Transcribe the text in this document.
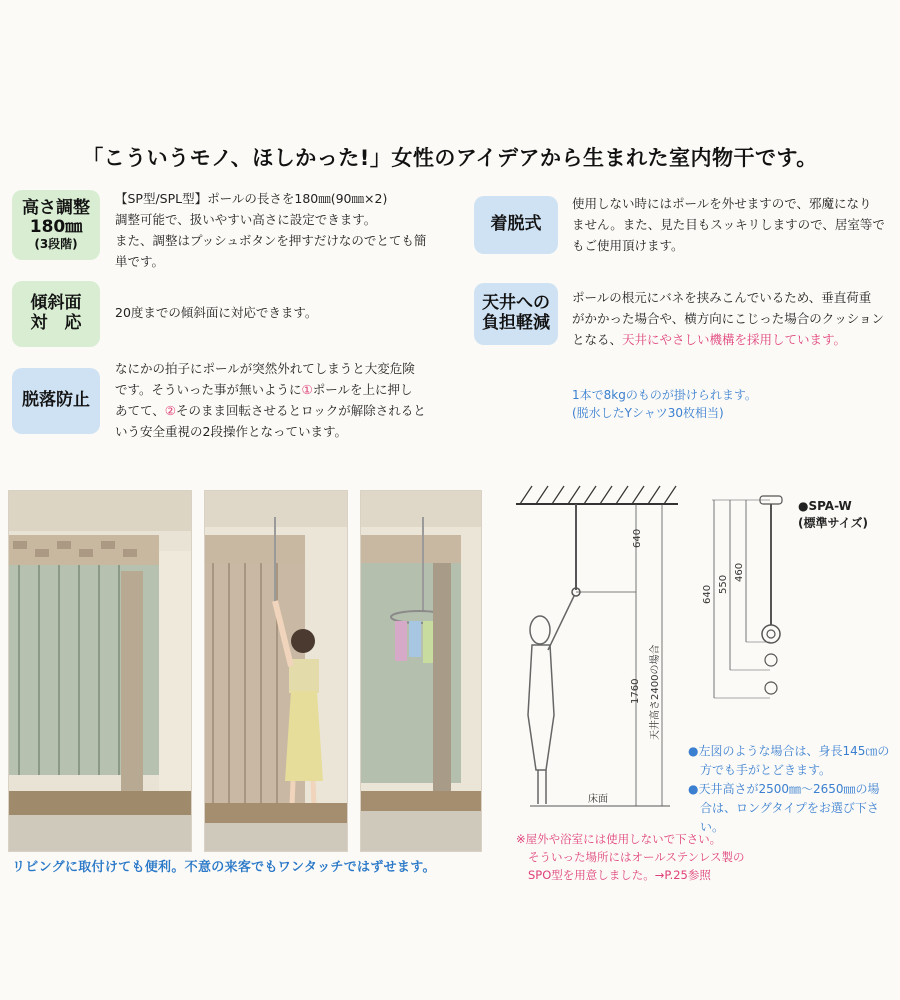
「こういうモノ、ほしかった!」女性のアイデアから生まれた室内物干です。
高さ調整
180㎜
(3段階)
【SP型/SPL型】ポールの長さを180㎜(90㎜×2)
調整可能で、扱いやすい高さに設定できます。
また、調整はプッシュボタンを押すだけなのでとても簡
単です。
傾斜面
対　応
20度までの傾斜面に対応できます。
脱落防止
なにかの拍子にポールが突然外れてしまうと大変危険
です。そういった事が無いように①ポールを上に押し
あてて、②そのまま回転させるとロックが解除されると
いう安全重視の2段操作となっています。
着脱式
使用しない時にはポールを外せますので、邪魔になり
ません。また、見た目もスッキリしますので、居室等で
もご使用頂けます。
天井への
負担軽減
ポールの根元にバネを挟みこんでいるため、垂直荷重
がかかった場合や、横方向にこじった場合のクッション
となる、天井にやさしい機構を採用しています。
1本で8kgのものが掛けられます。
(脱水したYシャツ30枚相当)
リビングに取付けても便利。不意の来客でもワンタッチではずせます。
640
1760 天井高さ2400の場合
床面
640
550
460
●SPA-W
(標準サイズ)
●左図のような場合は、身長145㎝の
方でも手がとどきます。
●天井高さが2500㎜～2650㎜の場
合は、ロングタイプをお選び下さい。
※屋外や浴室には使用しないで下さい。
そういった場所にはオールステンレス製の
SPO型を用意しました。→P.25参照
